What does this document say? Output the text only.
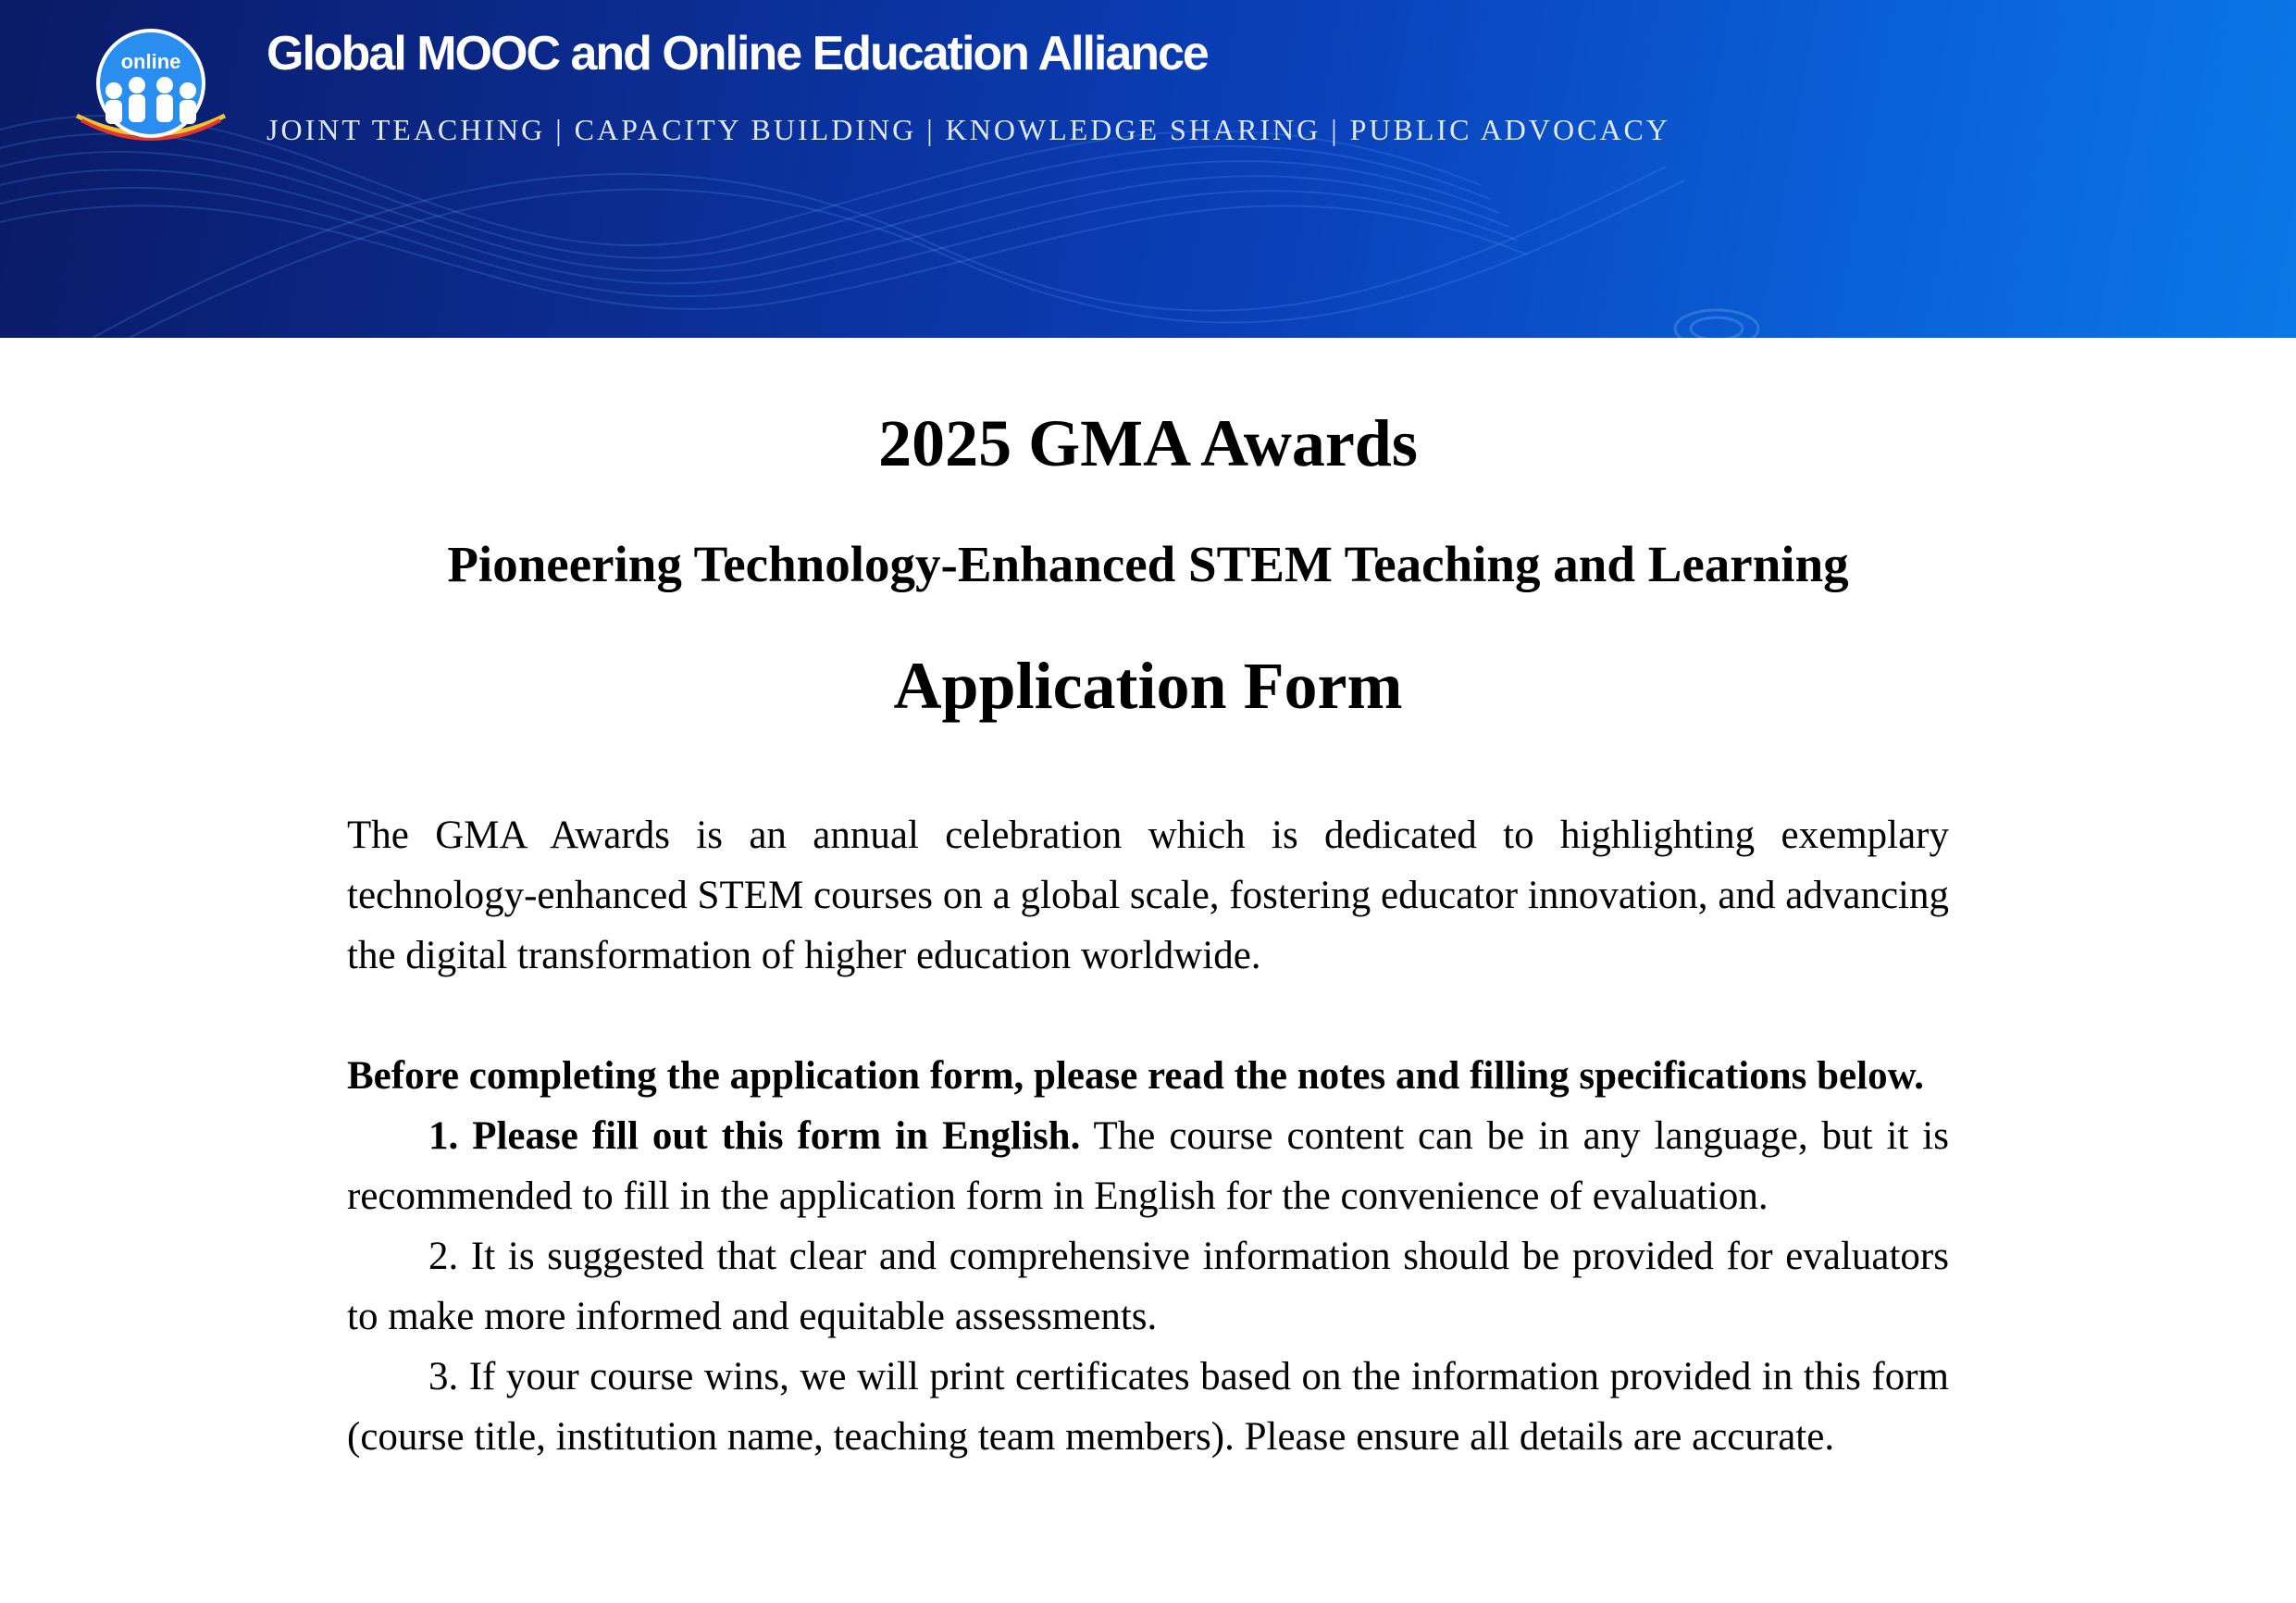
online Global MOOC and Online Education Alliance

JOINT TEACHING | CAPACITY BUILDING | KNOWLEDGE SHARING | PUBLIC ADVOCACY

2025 GMA Awards
Pioneering Technology-Enhanced STEM Teaching and Learning
Application Form

The GMA Awards is an annual celebration which is dedicated to highlighting exemplary technology-enhanced STEM courses on a global scale, fostering educator innovation, and advancing the digital transformation of higher education worldwide.

Before completing the application form, please read the notes and filling specifications below.

1. Please fill out this form in English. The course content can be in any language, but it is recommended to fill in the application form in English for the convenience of evaluation.

2. It is suggested that clear and comprehensive information should be provided for evaluators to make more informed and equitable assessments.

3. If your course wins, we will print certificates based on the information provided in this form (course title, institution name, teaching team members). Please ensure all details are accurate.
